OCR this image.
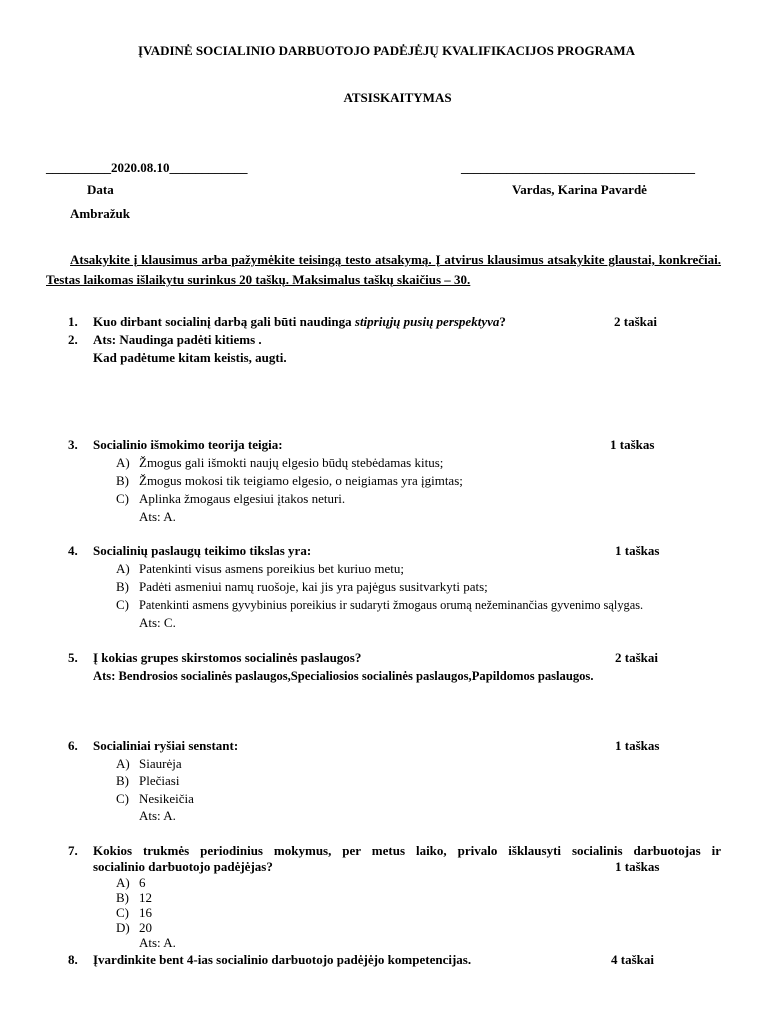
ĮVADINĖ SOCIALINIO DARBUOTOJO PADĖJĖJŲ KVALIFIKACIJOS PROGRAMA
ATSISKAITYMAS
__________2020.08.10____________	____________________________________
Data	Vardas, Karina Pavardė
Ambražuk
Atsakykite į klausimus arba pažymėkite teisingą testo atsakymą. Į atvirus klausimus atsakykite glaustai, konkrečiai. Testas laikomas išlaikytu surinkus 20 taškų. Maksimalus taškų skaičius – 30.
1. Kuo dirbant socialinį darbą gali būti naudinga stipriųjų pusių perspektyva?	2 taškai
2. Ats: Naudinga padėti kitiems .
Kad padėtume kitam keistis, augti.
3. Socialinio išmokimo teorija teigia:	1 taškas
A) Žmogus gali išmokti naujų elgesio būdų stebėdamas kitus;
B) Žmogus mokosi tik teigiamo elgesio, o neigiamas yra įgimtas;
C) Aplinka žmogaus elgesiui įtakos neturi.
Ats: A.
4. Socialinių paslaugų teikimo tikslas yra:	1 taškas
A) Patenkinti visus asmens poreikius bet kuriuo metu;
B) Padėti asmeniui namų ruošoje, kai jis yra pajėgus susitvarkyti pats;
C) Patenkinti asmens gyvybinius poreikius ir sudaryti žmogaus orumą nežeminančias gyvenimo sąlygas.
Ats: C.
5. Į kokias grupes skirstomos socialinės paslaugos?	2 taškai
Ats: Bendrosios socialinės paslaugos,Specialiosios socialinės paslaugos,Papildomos paslaugos.
6. Socialiniai ryšiai senstant:	1 taškas
A) Siaurėja
B) Plečiasi
C) Nesikeičia
Ats: A.
7. Kokios trukmės periodinius mokymus, per metus laiko, privalo išklausyti socialinis darbuotojas ir
socialinio darbuotojo padėjėjas?	1 taškas
A) 6
B) 12
C) 16
D) 20
Ats: A.
8. Įvardinkite bent 4-ias socialinio darbuotojo padėjėjo kompetencijas.	4 taškai
